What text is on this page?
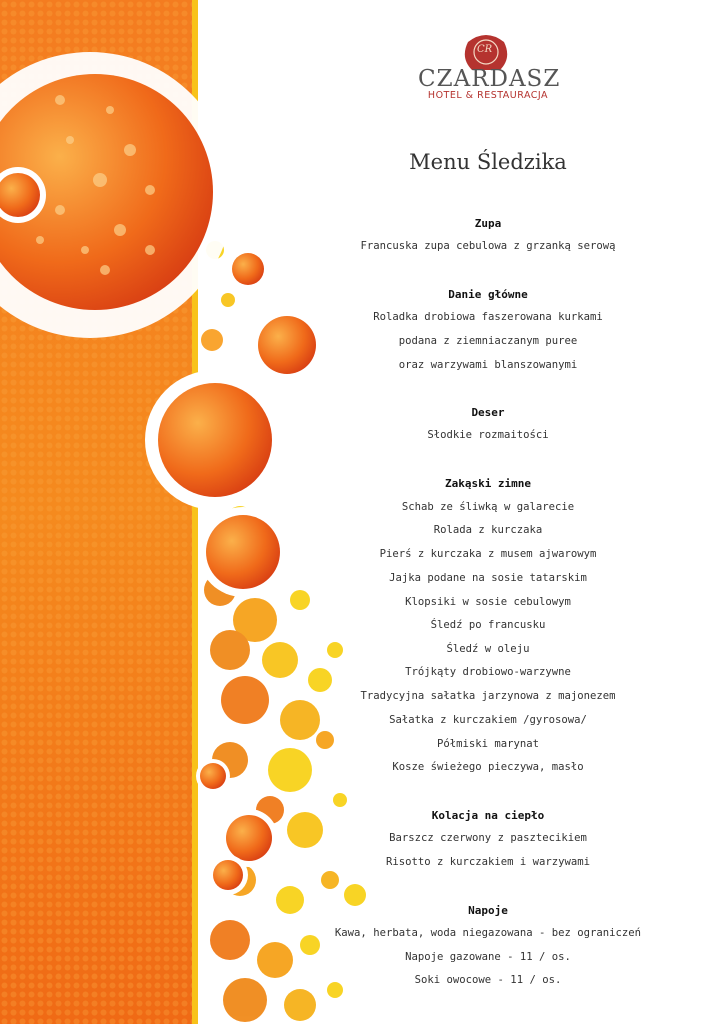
CZARDASZ
HOTEL & RESTAURACJA
CR
Menu Śledzika
Zupa
Francuska zupa cebulowa z grzanką serową
Danie główne
Roladka drobiowa faszerowana kurkami
podana z ziemniaczanym puree
oraz warzywami blanszowanymi
Deser
Słodkie rozmaitości
Zakąski zimne
Schab ze śliwką w galarecie
Rolada z kurczaka
Pierś z kurczaka z musem ajwarowym
Jajka podane na sosie tatarskim
Klopsiki w sosie cebulowym
Śledź po francusku
Śledź w oleju
Trójkąty drobiowo-warzywne
Tradycyjna sałatka jarzynowa z majonezem
Sałatka z kurczakiem /gyrosowa/
Półmiski marynat
Kosze świeżego pieczywa, masło
Kolacja na ciepło
Barszcz czerwony z pasztecikiem
Risotto z kurczakiem i warzywami
Napoje
Kawa, herbata, woda niegazowana - bez ograniczeń
Napoje gazowane - 11 / os.
Soki owocowe - 11 / os.
